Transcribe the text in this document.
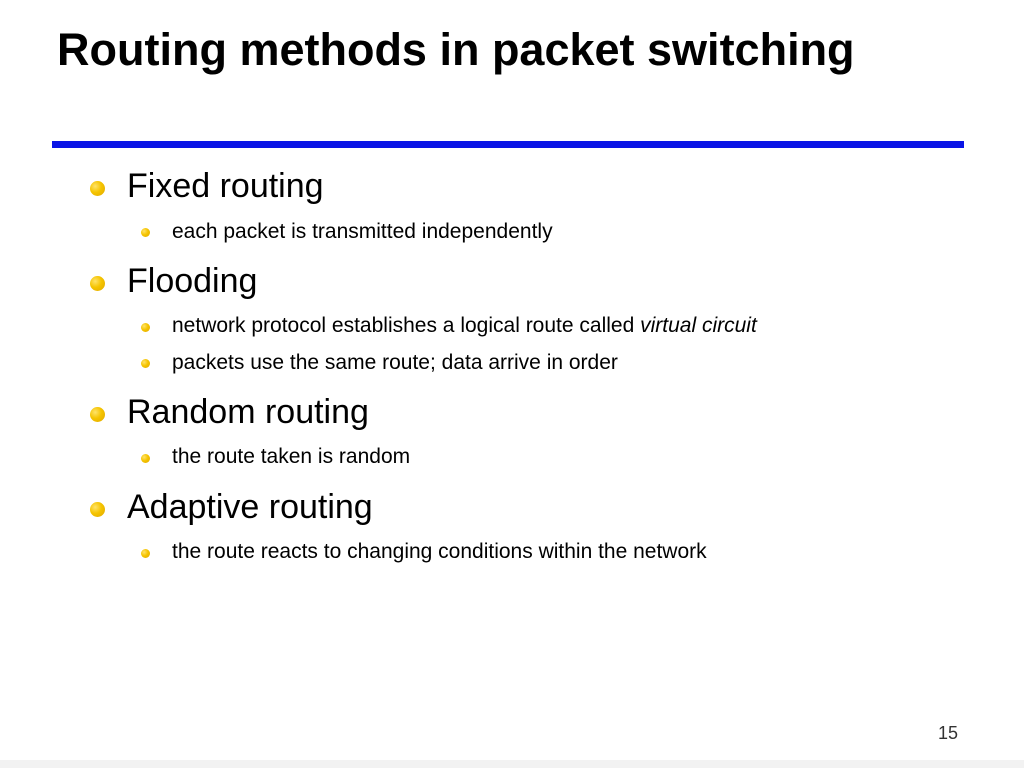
Routing methods in packet switching
Fixed routing
each packet is transmitted independently
Flooding
network protocol establishes a logical route called virtual circuit
packets use the same route; data arrive in order
Random routing
the route taken is random
Adaptive routing
the route reacts to changing conditions within the network
15
